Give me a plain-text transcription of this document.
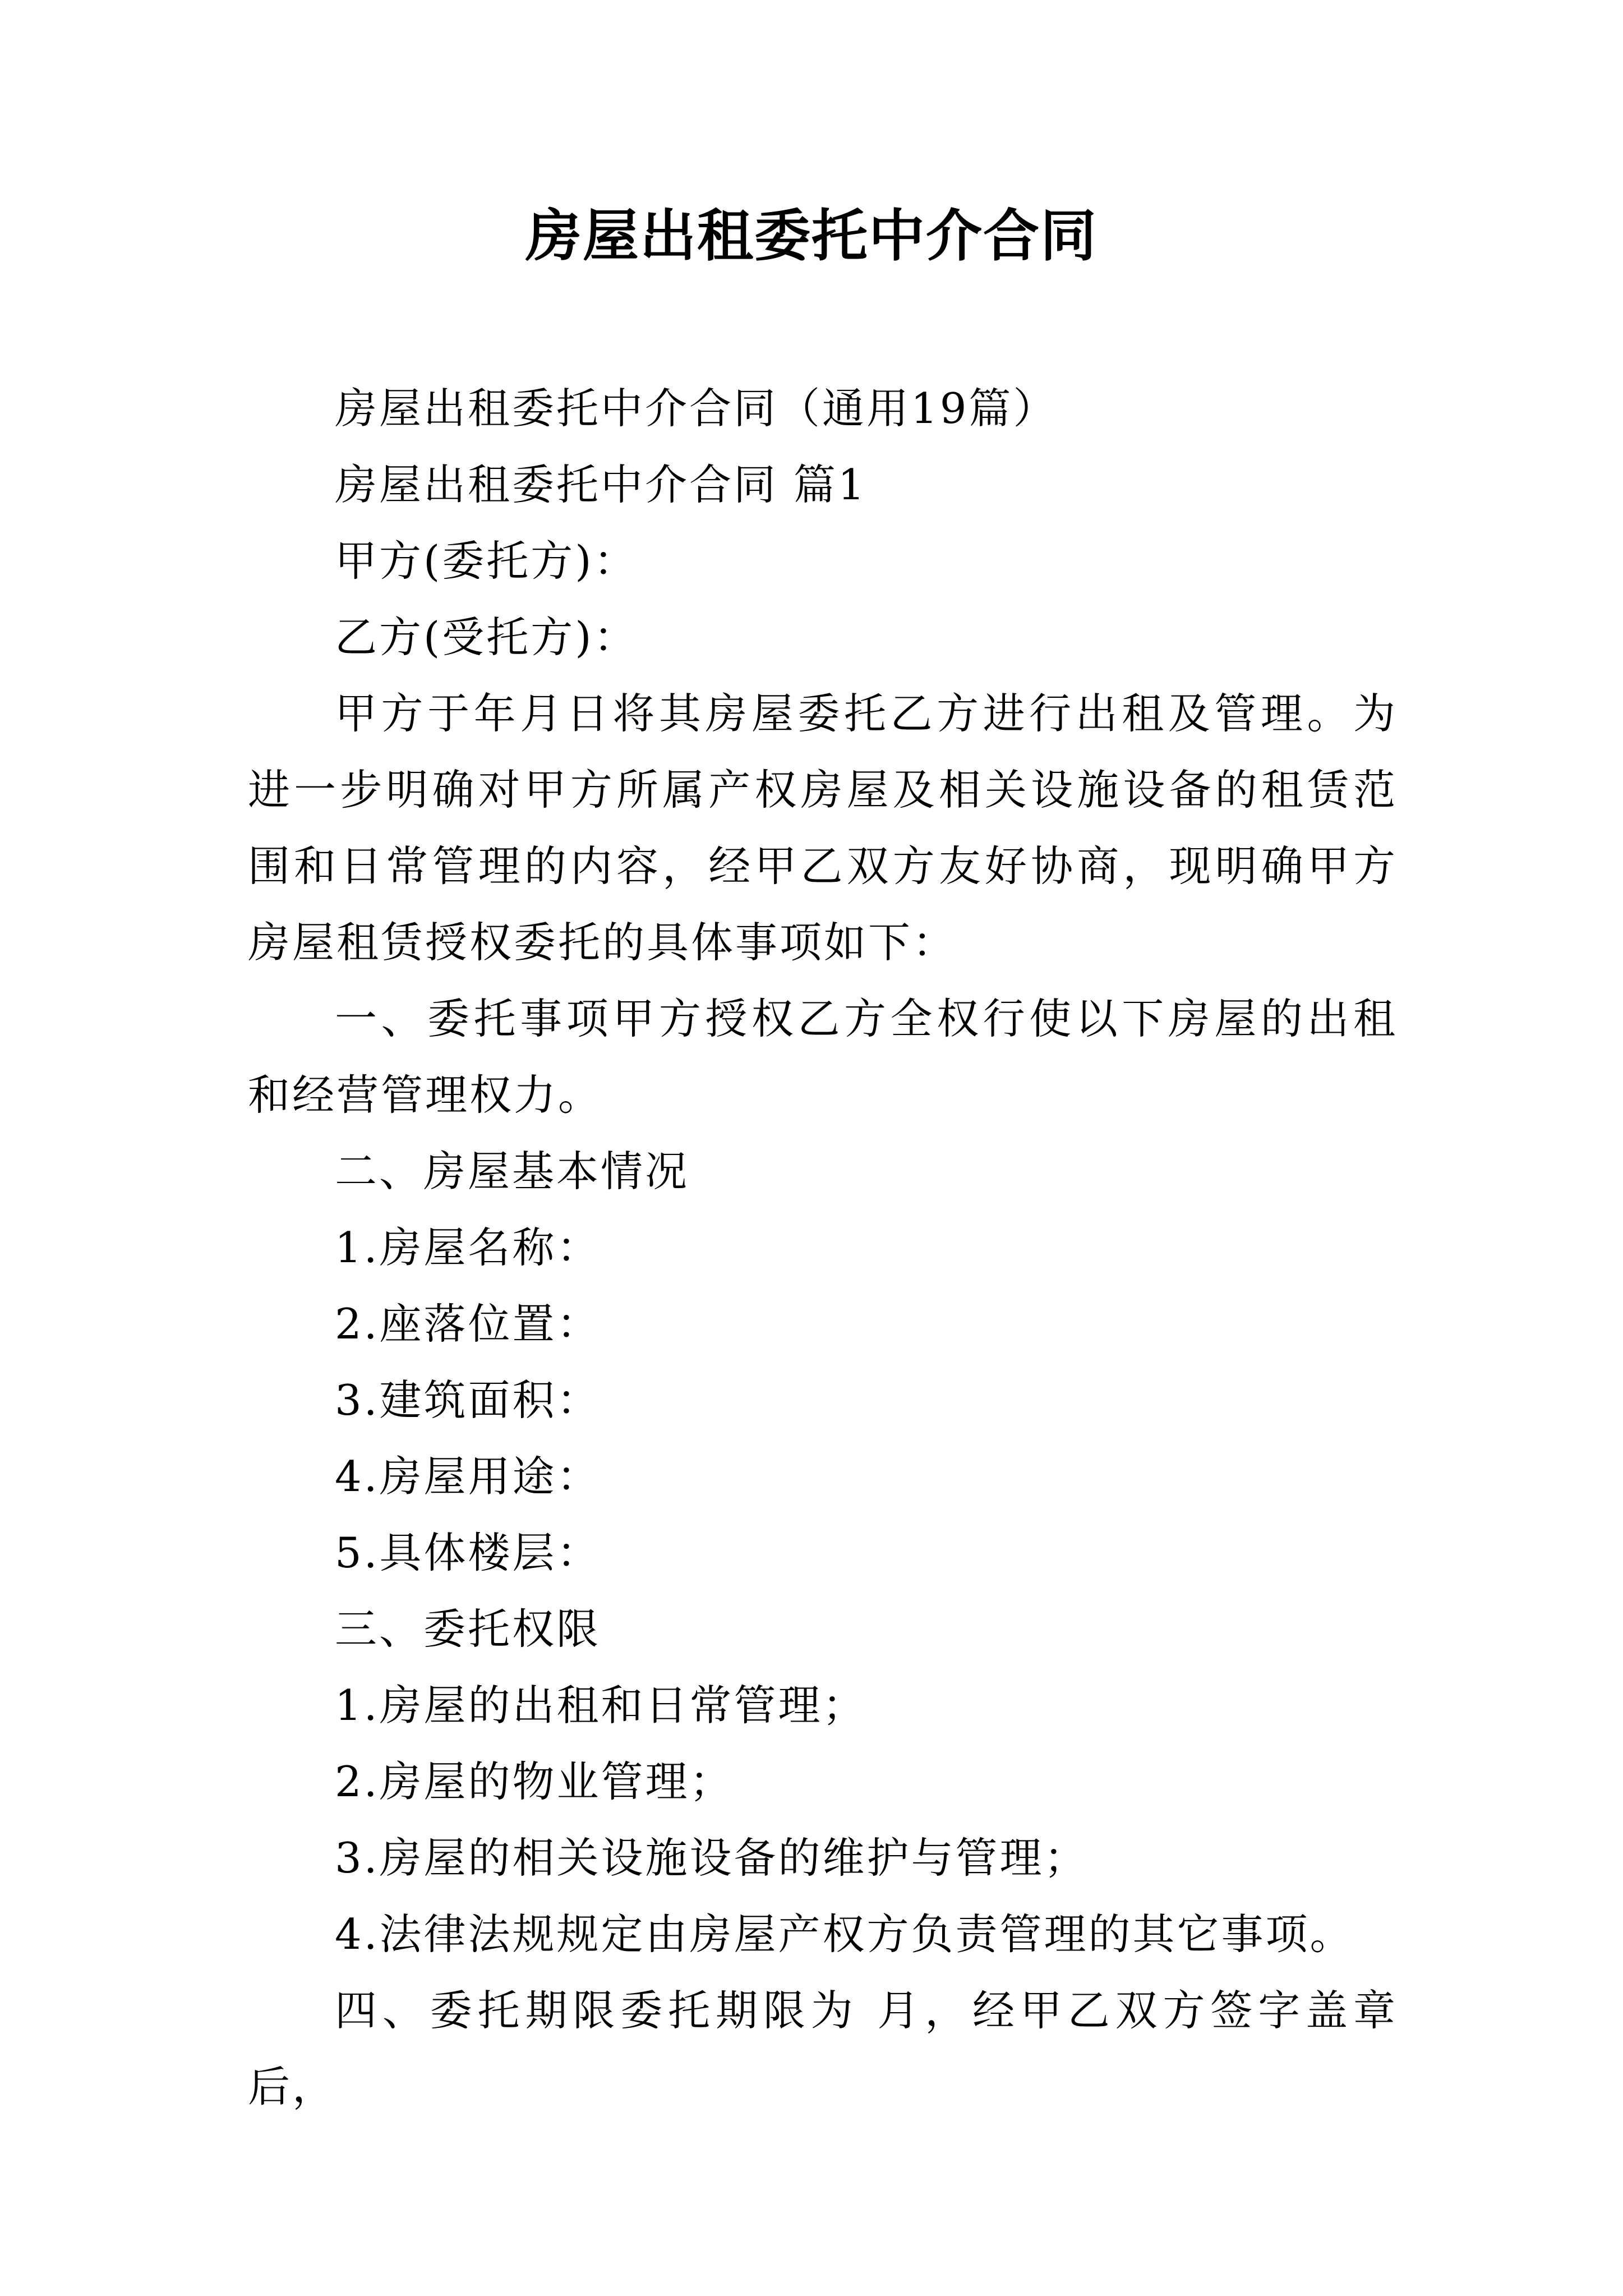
房屋出租委托中介合同

房屋出租委托中介合同（通用19篇）

房屋出租委托中介合同 篇1

甲方(委托方)：

乙方(受托方)：

甲方于年月日将其房屋委托乙方进行出租及管理。为进一步明确对甲方所属产权房屋及相关设施设备的租赁范围和日常管理的内容，经甲乙双方友好协商，现明确甲方房屋租赁授权委托的具体事项如下：

一、委托事项甲方授权乙方全权行使以下房屋的出租和经营管理权力。

二、房屋基本情况

1.房屋名称：

2.座落位置：

3.建筑面积：

4.房屋用途：

5.具体楼层：

三、委托权限

1.房屋的出租和日常管理；

2.房屋的物业管理；

3.房屋的相关设施设备的维护与管理；

4.法律法规规定由房屋产权方负责管理的其它事项。

四、委托期限委托期限为 月，经甲乙双方签字盖章后，
